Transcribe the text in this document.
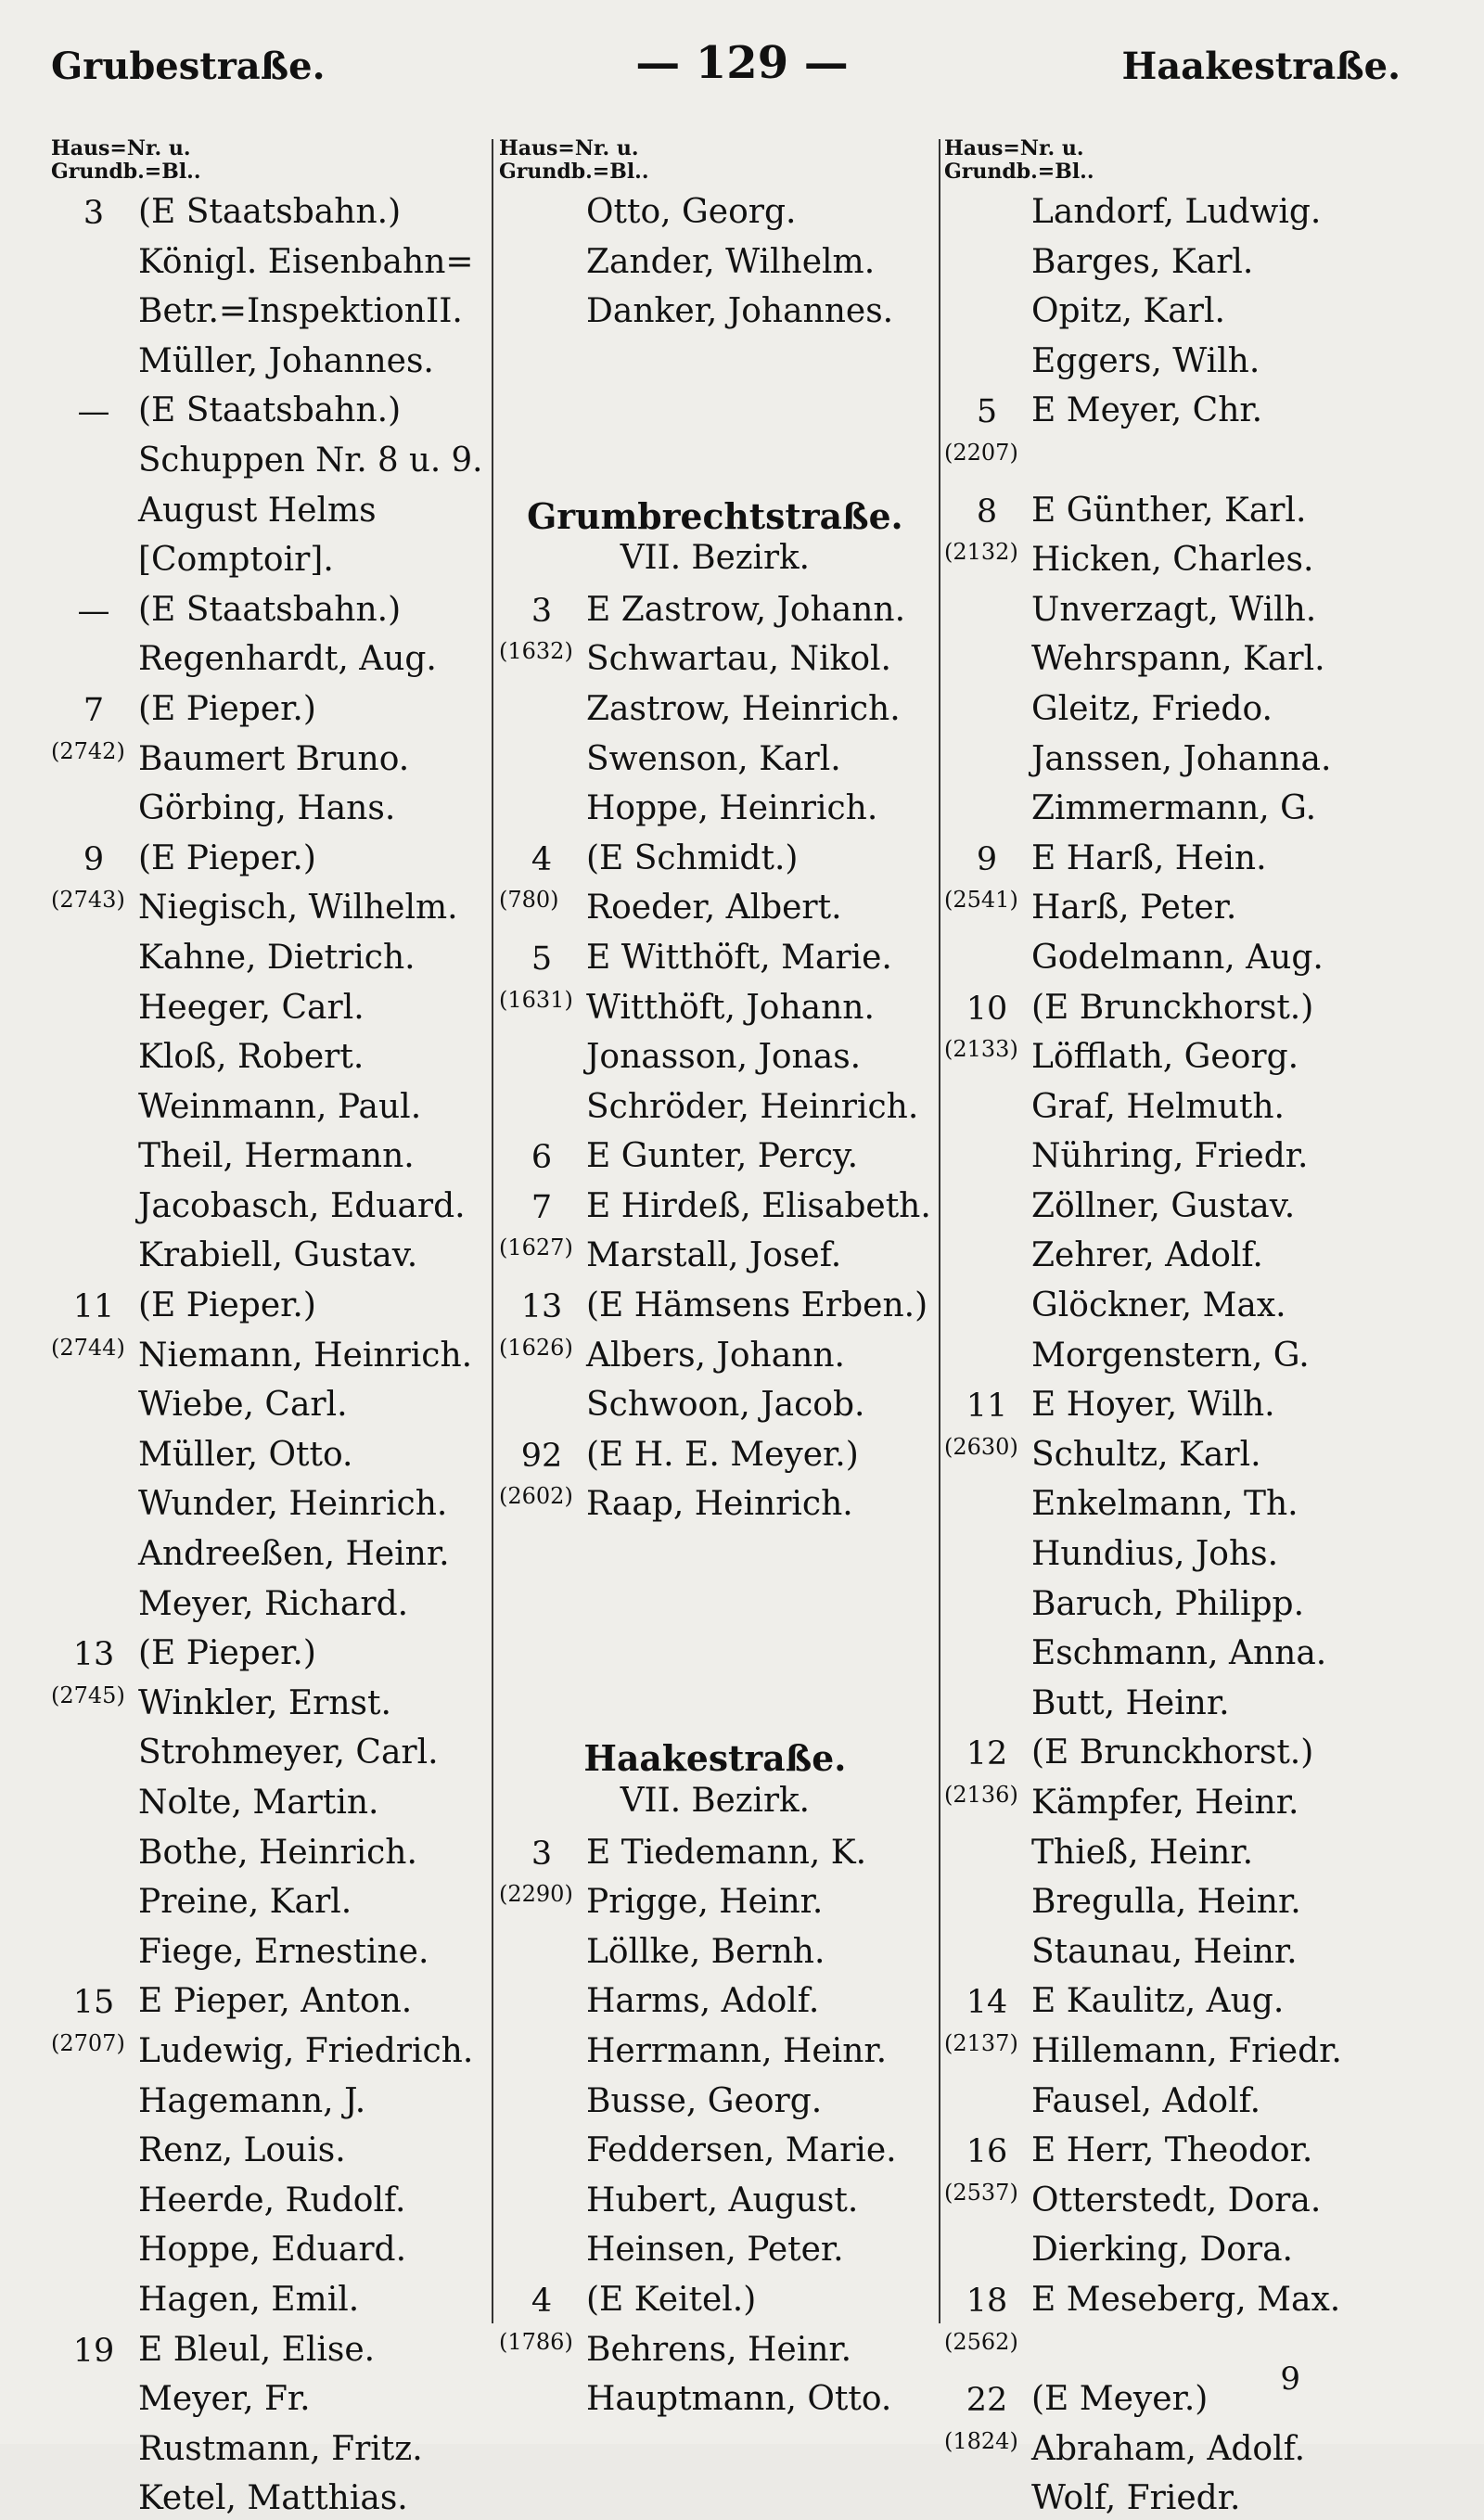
Grubestraße.	— 129 —	Haakestraße.
Haus=Nr. u.
Grundb.=Bl..
3	(E Staatsbahn.)
Königl. Eisenbahn=
Betr.=InspektionII.
Müller, Johannes.
— (E Staatsbahn.)
Schuppen Nr. 8 u. 9.
August Helms
[Comptoir].
— (E Staatsbahn.)
Regenhardt, Aug.
7	(E Pieper.)
(2742) Baumert Bruno.
Görbing, Hans.
9	(E Pieper.)
(2743) Niegisch, Wilhelm.
Kahne, Dietrich.
Heeger, Carl.
Kloß, Robert.
Weinmann, Paul.
Theil, Hermann.
Jacobasch, Eduard.
Krabiell, Gustav.
11 (E Pieper.)
(2744) Niemann, Heinrich.
Wiebe, Carl.
Müller, Otto.
Wunder, Heinrich.
Andreeßen, Heinr.
Meyer, Richard.
13 (E Pieper.)
(2745) Winkler, Ernst.
Strohmeyer, Carl.
Nolte, Martin.
Bothe, Heinrich.
Preine, Karl.
Fiege, Ernestine.
15 E Pieper, Anton.
(2707) Ludewig, Friedrich.
Hagemann, J.
Renz, Louis.
Heerde, Rudolf.
Hoppe, Eduard.
Hagen, Emil.
19 E Bleul, Elise.
Meyer, Fr.
Rustmann, Fritz.
Ketel, Matthias.
Haus=Nr. u.
Grundb.=Bl..
Otto, Georg.
Zander, Wilhelm.
Danker, Johannes.
Grumbrechtstraße.
VII. Bezirk.
3	E Zastrow, Johann.
(1632) Schwartau, Nikol.
Zastrow, Heinrich.
Swenson, Karl.
Hoppe, Heinrich.
4	(E Schmidt.)
(780) Roeder, Albert.
5	E Witthöft, Marie.
(1631) Witthöft, Johann.
Jonasson, Jonas.
Schröder, Heinrich.
6	E Gunter, Percy.
7	E Hirdeß, Elisabeth.
(1627) Marstall, Josef.
13 (E Hämsens Erben.)
(1626) Albers, Johann.
Schwoon, Jacob.
92 (E H. E. Meyer.)
(2602) Raap, Heinrich.
Haakestraße.
VII. Bezirk.
3	E Tiedemann, K.
(2290) Prigge, Heinr.
Löllke, Bernh.
Harms, Adolf.
Herrmann, Heinr.
Busse, Georg.
Feddersen, Marie.
Hubert, August.
Heinsen, Peter.
4	(E Keitel.)
(1786) Behrens, Heinr.
Hauptmann, Otto.
Haus=Nr. u.
Grundb.=Bl..
Landorf, Ludwig.
Barges, Karl.
Opitz, Karl.
Eggers, Wilh.
5	E Meyer, Chr.
(2207)
8	E Günther, Karl.
(2132) Hicken, Charles.
Unverzagt, Wilh.
Wehrspann, Karl.
Gleitz, Friedo.
Janssen, Johanna.
Zimmermann, G.
9	E Harß, Hein.
(2541) Harß, Peter.
Godelmann, Aug.
10 (E Brunckhorst.)
(2133) Löfflath, Georg.
Graf, Helmuth.
Nühring, Friedr.
Zöllner, Gustav.
Zehrer, Adolf.
Glöckner, Max.
Morgenstern, G.
11 E Hoyer, Wilh.
(2630) Schultz, Karl.
Enkelmann, Th.
Hundius, Johs.
Baruch, Philipp.
Eschmann, Anna.
Butt, Heinr.
12 (E Brunckhorst.)
(2136) Kämpfer, Heinr.
Thieß, Heinr.
Bregulla, Heinr.
Staunau, Heinr.
14 E Kaulitz, Aug.
(2137) Hillemann, Friedr.
Fausel, Adolf.
16 E Herr, Theodor.
(2537) Otterstedt, Dora.
Dierking, Dora.
18 E Meseberg, Max.
(2562)
22 (E Meyer.)
(1824) Abraham, Adolf.
Wolf, Friedr.
9
